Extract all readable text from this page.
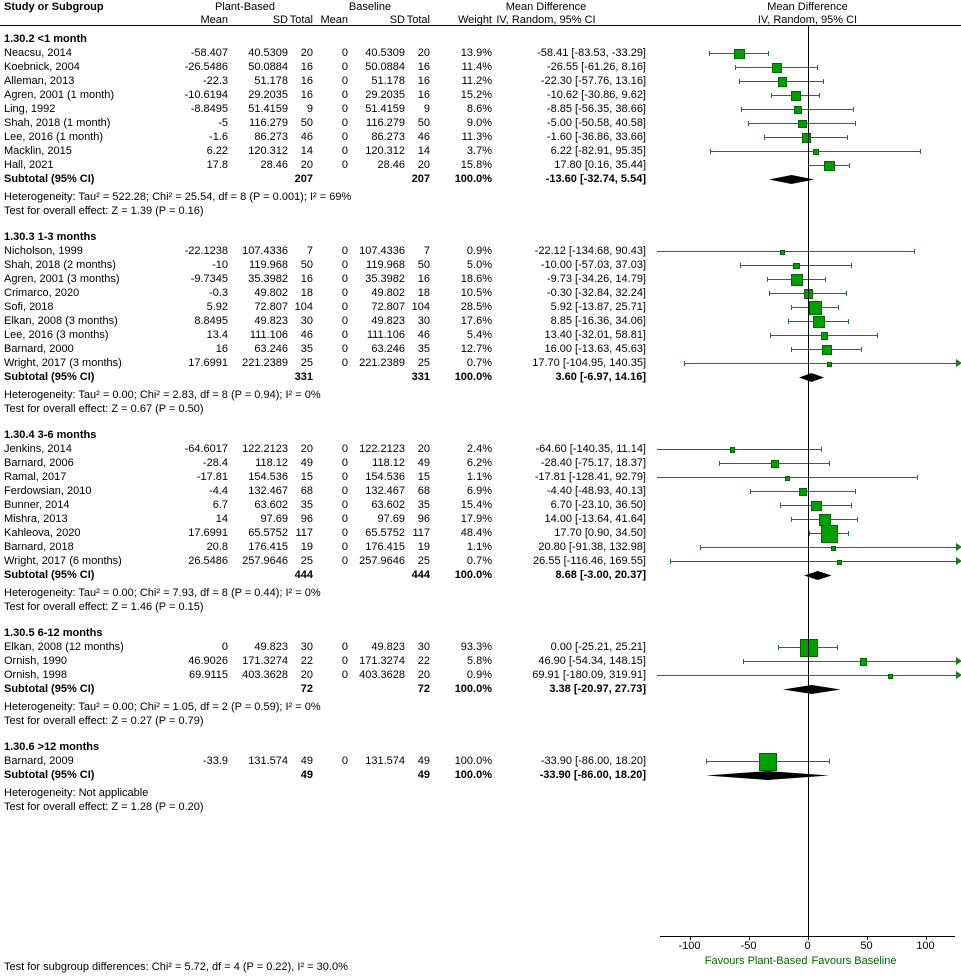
Study or Subgroup	Plant-Based	Baseline	Mean Difference
IV, Random, 95% CI
Mean Difference
IV, Random, 95% CI
Mean	SD Total Mean	SD Total	Weight
1.30.2 <1 month
Neacsu, 2014	-58.407	40.5309	20	0	40.5309	20	13.9%	-58.41 [-83.53, -33.29]
Koebnick, 2004	-26.5486	50.0884	16	0	50.0884	16	11.4%	-26.55 [-61.26, 8.16]
Alleman, 2013	-22.3	51.178	16	0	51.178	16	11.2%	-22.30 [-57.76, 13.16]
Agren, 2001 (1 month)	-10.6194	29.2035	16	0	29.2035	16	15.2%	-10.62 [-30.86, 9.62]
Ling, 1992	-8.8495	51.4159	9	0	51.4159	9	8.6%	-8.85 [-56.35, 38.66]
Shah, 2018 (1 month)	-5	116.279	50	0	116.279	50	9.0%	-5.00 [-50.58, 40.58]
Lee, 2016 (1 month)	-1.6	86.273	46	0	86.273	46	11.3%	-1.60 [-36.86, 33.66]
Macklin, 2015	6.22	120.312	14	0	120.312	14	3.7%	6.22 [-82.91, 95.35]
Hall, 2021	17.8	28.46	20	0	28.46	20	15.8%	17.80 [0.16, 35.44]
Subtotal (95% CI)	207	207	100.0%	-13.60 [-32.74, 5.54]
Heterogeneity: Tau² = 522.28; Chi² = 25.54, df = 8 (P = 0.001); I² = 69%
Test for overall effect: Z = 1.39 (P = 0.16)
1.30.3 1-3 months
Nicholson, 1999	-22.1238	107.4336	7	0	107.4336	7	0.9%	-22.12 [-134.68, 90.43]
Shah, 2018 (2 months)	-10	119.968	50	0	119.968	50	5.0%	-10.00 [-57.03, 37.03]
Agren, 2001 (3 months)	-9.7345	35.3982	16	0	35.3982	16	18.6%	-9.73 [-34.26, 14.79]
Crimarco, 2020	-0.3	49.802	18	0	49.802	18	10.5%	-0.30 [-32.84, 32.24]
Sofi, 2018	5.92	72.807 104	0	72.807 104	28.5%	5.92 [-13.87, 25.71]
Elkan, 2008 (3 months)	8.8495	49.823	30	0	49.823	30	17.6%	8.85 [-16.36, 34.06]
Lee, 2016 (3 months)	13.4	111.106	46	0	111.106	46	5.4%	13.40 [-32.01, 58.81]
Barnard, 2000	16	63.246	35	0	63.246	35	12.7%	16.00 [-13.63, 45.63]
Wright, 2017 (3 months)	17.6991	221.2389	25	0	221.2389	25	0.7%	17.70 [-104.95, 140.35]
Subtotal (95% CI)	331	331	100.0%	3.60 [-6.97, 14.16]
Heterogeneity: Tau² = 0.00; Chi² = 2.83, df = 8 (P = 0.94); I² = 0%
Test for overall effect: Z = 0.67 (P = 0.50)
1.30.4 3-6 months
Jenkins, 2014	-64.6017	122.2123	20	0	122.2123	20	2.4%	-64.60 [-140.35, 11.14]
Barnard, 2006	-28.4	118.12	49	0	118.12	49	6.2%	-28.40 [-75.17, 18.37]
Ramal, 2017	-17.81	154.536	15	0	154.536	15	1.1%	-17.81 [-128.41, 92.79]
Ferdowsian, 2010	-4.4	132.467	68	0	132.467	68	6.9%	-4.40 [-48.93, 40.13]
Bunner, 2014	6.7	63.602	35	0	63.602	35	15.4%	6.70 [-23.10, 36.50]
Mishra, 2013	14	97.69	96	0	97.69	96	17.9%	14.00 [-13.64, 41.64]
Kahleova, 2020	17.6991	65.5752 117	0	65.5752 117	48.4%	17.70 [0.90, 34.50]
Barnard, 2018	20.8	176.415	19	0	176.415	19	1.1%	20.80 [-91.38, 132.98]
Wright, 2017 (6 months)	26.5486	257.9646	25	0	257.9646	25	0.7%	26.55 [-116.46, 169.55]
Subtotal (95% CI)	444	444	100.0%	8.68 [-3.00, 20.37]
Heterogeneity: Tau² = 0.00; Chi² = 7.93, df = 8 (P = 0.44); I² = 0%
Test for overall effect: Z = 1.46 (P = 0.15)
1.30.5 6-12 months
Elkan, 2008 (12 months)	0	49.823	30	0	49.823	30	93.3%	0.00 [-25.21, 25.21]
Ornish, 1990	46.9026	171.3274	22	0	171.3274	22	5.8%	46.90 [-54.34, 148.15]
Ornish, 1998	69.9115	403.3628	20	0	403.3628	20	0.9%	69.91 [-180.09, 319.91]
Subtotal (95% CI)	72	72	100.0%	3.38 [-20.97, 27.73]
Heterogeneity: Tau² = 0.00; Chi² = 1.05, df = 2 (P = 0.59); I² = 0%
Test for overall effect: Z = 0.27 (P = 0.79)
1.30.6 >12 months
Barnard, 2009	-33.9	131.574	49	0	131.574	49	100.0%	-33.90 [-86.00, 18.20]
Subtotal (95% CI)	49	49	100.0%	-33.90 [-86.00, 18.20]
Heterogeneity: Not applicable
Test for overall effect: Z = 1.28 (P = 0.20)
-100	-50	0	50	100
Favours Plant-Based Favours Baseline
Test for subgroup differences: Chi² = 5.72, df = 4 (P = 0.22), I² = 30.0%
